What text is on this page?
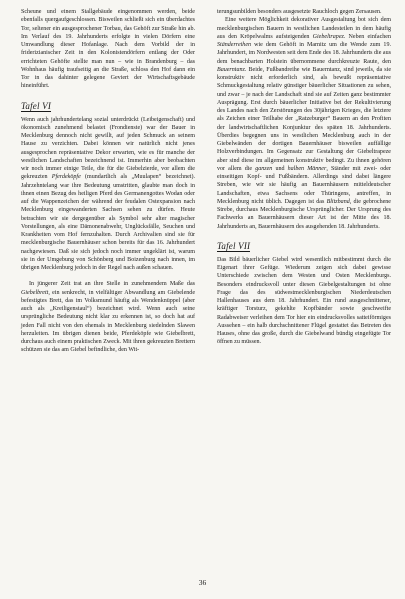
Scheune und einem Stallgebäude eingenommen werden, beide ebenfalls quergaufgeschlossen. Bisweilen schließt sich ein überdachtes Tor, seltener ein ausgesprochener Torbau, das Gehöft zur Straße hin ab. Im Verlauf des 19. Jahrhunderts erfolgte in vielen Dörfern eine Umwandlung dieser Hofanlage. Nach dem Vorbild der in friderizianischer Zeit in den Kolonistendörfern entlang der Oder errichteten Gehöfte stellte man nun – wie in Brandenburg – das Wohnhaus häufig traufseitig an die Straße, schloss den Hof dann ein Tor in das dahinter gelegene Geviert der Wirtschaftsgebäude hineinführt.

Tafel VI

Wenn auch jahrhundertelang sozial unterdrückt (Leibeigenschaft) und ökonomisch zunehmend belastet (Frondienste) war der Bauer in Mecklenburg dennoch nicht gewillt, auf jeden Schmuck an seinem Hause zu verzichten. Dabei können wir natürlich nicht jenes ausgesprochen repräsentative Dekor erwarten, wie es für manche der westlichen Landschaften bezeichnend ist. Immerhin aber beobachten wir noch immer einige Teile, die für die Giebelzierde, vor allem die gekreuzten Pferdeköpfe (mundartlich als „Muulapen“ bezeichnet). Jahrzehntelang war ihre Bedeutung umstritten, glaubte man doch in ihnen einen Bezug des heiligen Pferd des Germanengottes Wodan oder auf die Wappenzeichen der während der feudalen Ostexpansion nach Mecklenburg eingewanderten Sachsen sehen zu dürfen. Heute betrachten wir sie dergegenüber als Symbol sehr alter magischer Vorstellungen, als eine Dämonenabwehr, Unglücksfälle, Seuchen und Krankheiten vom Hof fernzuhalten. Durch Archivalien sind sie für mecklenburgische Bauernhäuser schon bereits für das 16. Jahrhundert nachgewiesen. Daß sie sich jedoch noch immer ungeklärt ist, warum sie in der Umgebung von Schönberg und Boizenburg nach innen, im übrigen Mecklenburg jedoch in der Regel nach außen schauen.

In jüngerer Zeit trat an ihre Stelle in zunehmendem Maße das Giebelbrett, ein senkrecht, in vielfältiger Abwandlung am Giebelende befestigtes Brett, das im Volksmund häufig als Wendenknüppel (aber auch als „Kreiligenstaul“) bezeichnet wird. Wenn auch seine ursprüngliche Bedeutung nicht klar zu erkennen ist, so doch hat auf jeden Fall nicht von den ehemals in Mecklenburg siedelnden Slawen herzuleiten. Im übrigen dienen beide, Pferdeköpfe wie Giebelbrett, durchaus auch einem praktischen Zweck. Mit ihren gekreuzten Brettern schützen sie das am Giebel befindliche, den Wit-

terungsunbilden besonders ausgesetzte Rauchloch gegen Zersausen.

Eine weitere Möglichkeit dekorativer Ausgestaltung bot sich dem mecklenburgischen Bauern in westlichen Landesteilen in dem häufig aus den Kröpelwalms aufsteigenden Giebeltrapez. Neben einfachen Ständerreihen wie dem Gehöft in Marnitz um die Wende zum 19. Jahrhundert, im Nordwesten seit dem Ende des 18. Jahrhunderts die aus dem benachbarten Holstein übernommene durchkreuzte Raute, den Bauerntanz. Beide, Fußbandreihe wie Bauerntanz, sind jeweils, da sie konstruktiv nicht erforderlich sind, als bewußt repräsentative Schmuckgestaltung relativ günstiger bäuerlicher Situationen zu sehen, und zwar – je nach der Landschaft sind sie auf Zeiten ganz bestimmter Ausprägung. Erst durch bäuerlicher Initiative bei der Rekultivierung des Landes nach den Zerstörungen des 30jährigen Krieges, die letztere als Zeichen einer Teilhabe der „Ratzeburger“ Bauern an den Profiten der landwirtschaftlichen Konjunktur des späten 18. Jahrhunderts. Überdies begegnen uns in westlichen Mecklenburg auch in der Giebelwänden der dortigen Bauernhäuser bisweilen auffällige Holzverbindungen. Im Gegensatz zur Gestaltung der Giebeltrapeze aber sind diese im allgemeinen konstruktiv bedingt. Zu ihnen gehören vor allem die ganzen und halben Männer, Ständer mit zwei- oder einseitigen Kopf- und Fußbändern. Allerdings sind dabei längere Streben, wie wir sie häufig an Bauernhäusern mitteldeutscher Landschaften, etwa Sachsens oder Thüringens, antreffen, in Mecklenburg nicht üblich. Dagegen ist das Blitzband, die gebrochene Strebe, durchaus Mecklenburgische Ursprünglicher. Der Ursprung des Fachwerks an Bauernhäusern dieser Art ist der Mitte des 18. Jahrhunderts an, Bauernhäusern des ausgehenden 18. Jahrhunderts.

Tafel VII

Das Bild bäuerlicher Giebel wird wesentlich mitbestimmt durch die Eigenart ihrer Gefüge. Wiederum zeigen sich dabei gewisse Unterschiede zwischen dem Westen und Osten Mecklenburgs. Besonders eindrucksvoll unter diesen Giebelgestaltungen ist ohne Frage das des südwestmecklenburgischen Niederdeutschen Hallenhauses aus dem 18. Jahrhundert. Ein rund ausgeschnittener, kräftiger Torsturz, gekehlte Kopfbänder sowie geschweifte Radabweiser verleihen dem Tor hier ein eindrucksvolles satteiförmiges Aussehen – ein halb durchschnittener Flügel gestattet das Betreten des Hauses, ohne das große, durch die Giebelwand bündig eingefügte Tor öffnen zu müssen.

36
